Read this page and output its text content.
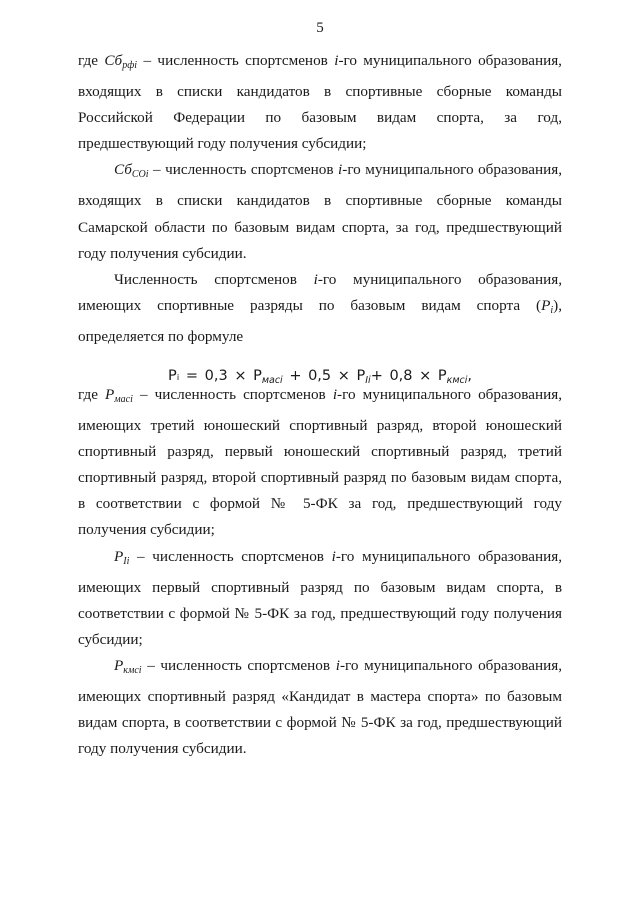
5

где $Сб_{рфi}$ – численность спортсменов i-го муниципального образования, входящих в списки кандидатов в спортивные сборные команды Российской Федерации по базовым видам спорта, за год, предшествующий году получения субсидии;

$Сб_{СОi}$ – численность спортсменов i-го муниципального образования, входящих в списки кандидатов в спортивные сборные команды Самарской области по базовым видам спорта, за год, предшествующий году получения субсидии.

Численность спортсменов i-го муниципального образования, имеющих спортивные разряды по базовым видам спорта $(P_i)$, определяется по формуле

Pᵢ = $0,3 \times P_{масi} + 0,5 \times P_{Ii}+ 0,8 \times P_{кмсi}$,

где $P_{масi}$ – численность спортсменов i-го муниципального образования, имеющих третий юношеский спортивный разряд, второй юношеский спортивный разряд, первый юношеский спортивный разряд, третий спортивный разряд, второй спортивный разряд по базовым видам спорта, в соответствии с формой № 5-ФК за год, предшествующий году получения субсидии;

$P_{Ii}$ – численность спортсменов i-го муниципального образования, имеющих первый спортивный разряд по базовым видам спорта, в соответствии с формой № 5-ФК за год, предшествующий году получения субсидии;

$P_{кмсi}$ – численность спортсменов i-го муниципального образования, имеющих спортивный разряд «Кандидат в мастера спорта» по базовым видам спорта, в соответствии с формой № 5-ФК за год, предшествующий году получения субсидии.
